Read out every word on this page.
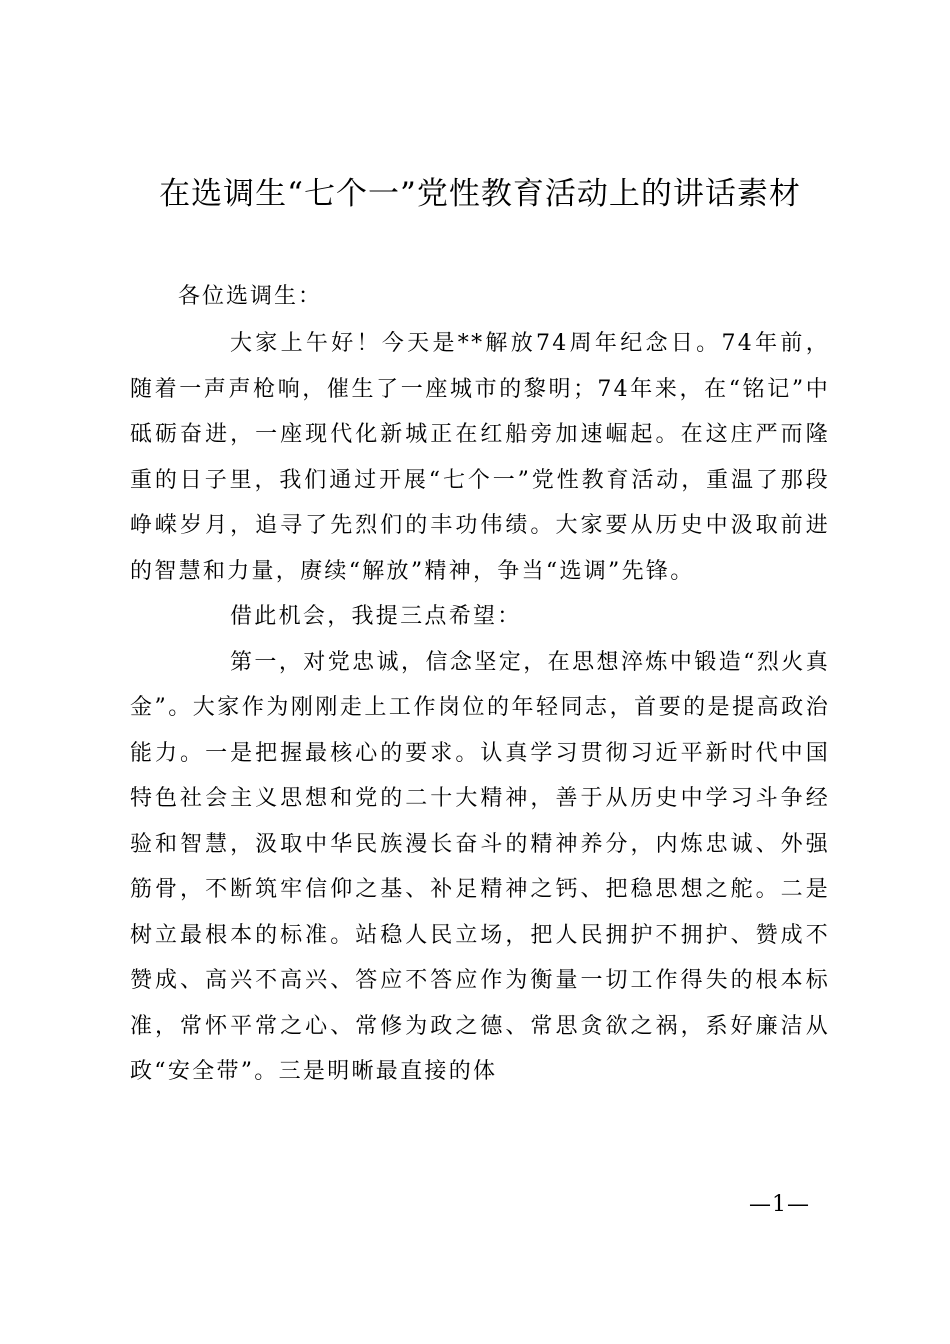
在选调生“七个一”党性教育活动上的讲话素材
各位选调生：

大家上午好！今天是**解放74周年纪念日。74年前，随着一声声枪响，催生了一座城市的黎明；74年来，在“铭记”中砥砺奋进，一座现代化新城正在红船旁加速崛起。在这庄严而隆重的日子里，我们通过开展“七个一”党性教育活动，重温了那段峥嵘岁月，追寻了先烈们的丰功伟绩。大家要从历史中汲取前进的智慧和力量，赓续“解放”精神，争当“选调”先锋。

借此机会，我提三点希望：

第一，对党忠诚，信念坚定，在思想淬炼中锻造“烈火真金”。大家作为刚刚走上工作岗位的年轻同志，首要的是提高政治能力。一是把握最核心的要求。认真学习贯彻习近平新时代中国特色社会主义思想和党的二十大精神，善于从历史中学习斗争经验和智慧，汲取中华民族漫长奋斗的精神养分，内炼忠诚、外强筋骨，不断筑牢信仰之基、补足精神之钙、把稳思想之舵。二是树立最根本的标准。站稳人民立场，把人民拥护不拥护、赞成不赞成、高兴不高兴、答应不答应作为衡量一切工作得失的根本标准，常怀平常之心、常修为政之德、常思贪欲之祸，系好廉洁从政“安全带”。三是明晰最直接的体

—1—
